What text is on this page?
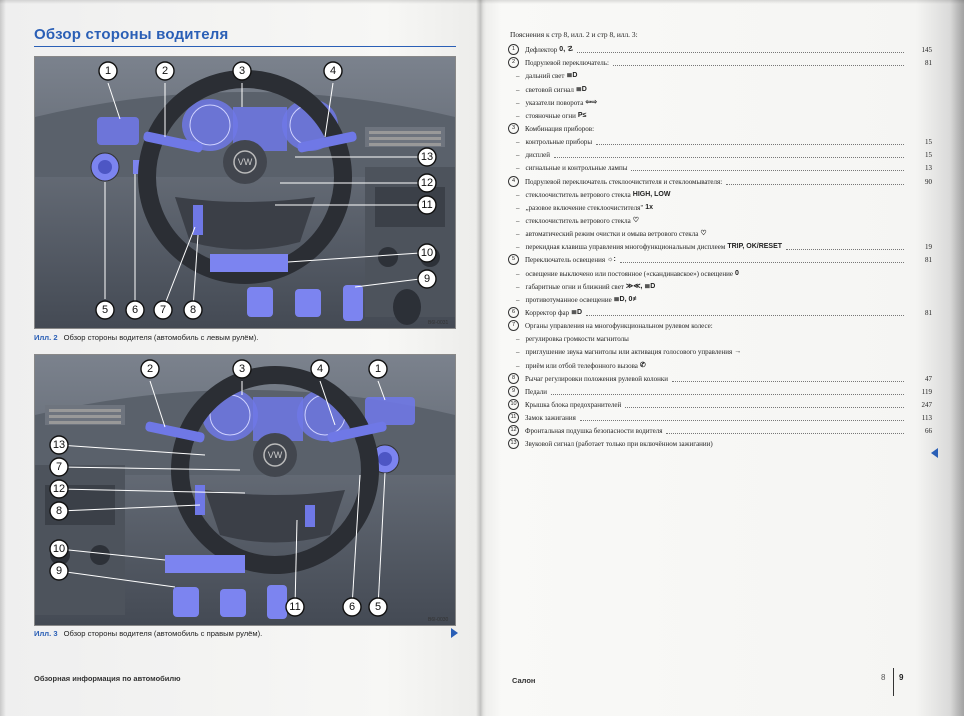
Обзор стороны водителя
VW
1	2	3	4
13
12
11
10
9
5 6 7 8
B6I-0031
Илл. 2 Обзор стороны водителя (автомобиль с левым рулём).
VW
2	3	4	1
13
7
12
8
10
9
11	6 5
B6I-0030
Илл. 3 Обзор стороны водителя (автомобиль с правым рулём).
Обзорная информация по автомобилю
Пояснения к стр 8, илл. 2 и стр 8, илл. 3:
1	Дефлектор 0, ☡	145
2	Подрулевой переключатель:	81
– дальний свет ≣D
– световой сигнал ≣D
– указатели поворота ⇦⇨
– стояночные огни P≤
3	Комбинация приборов:
– контрольные приборы	15
– дисплей	15
– сигнальные и контрольные лампы	13
4	Подрулевой переключатель стеклоочистителя и стеклоомывателя:	90
– стеклоочиститель ветрового стекла HIGH, LOW
– „разовое включение стеклоочистителя" 1x
– стеклоочиститель ветрового стекла ♡
– автоматический режим очистки и омыва ветрового стекла ♡
– перекидная клавиша управления многофункциональным дисплеем TRIP, OK/RESET	19
5	Переключатель освещения ☼:	81
– освещение выключено или постоянное («скандинавское») освещение 0
– габаритные огни и ближний свет ≫≪, ≣D
– противотуманное освещение ≣D, 0≢
6	Корректор фар ≣D	81
7	Органы управления на многофункциональном рулевом колесе:
– регулировка громкости магнитолы
– приглушение звука магнитолы или активация голосового управления →
– приём или отбой телефонного вызова ✆
8	Рычаг регулировки положения рулевой колонки	47
9	Педали	119
10	Крышка блока предохранителей	247
11	Замок зажигания	113
12	Фронтальная подушка безопасности водителя	66
13	Звуковой сигнал (работает только при включённом зажигании)
Салон	8 9
